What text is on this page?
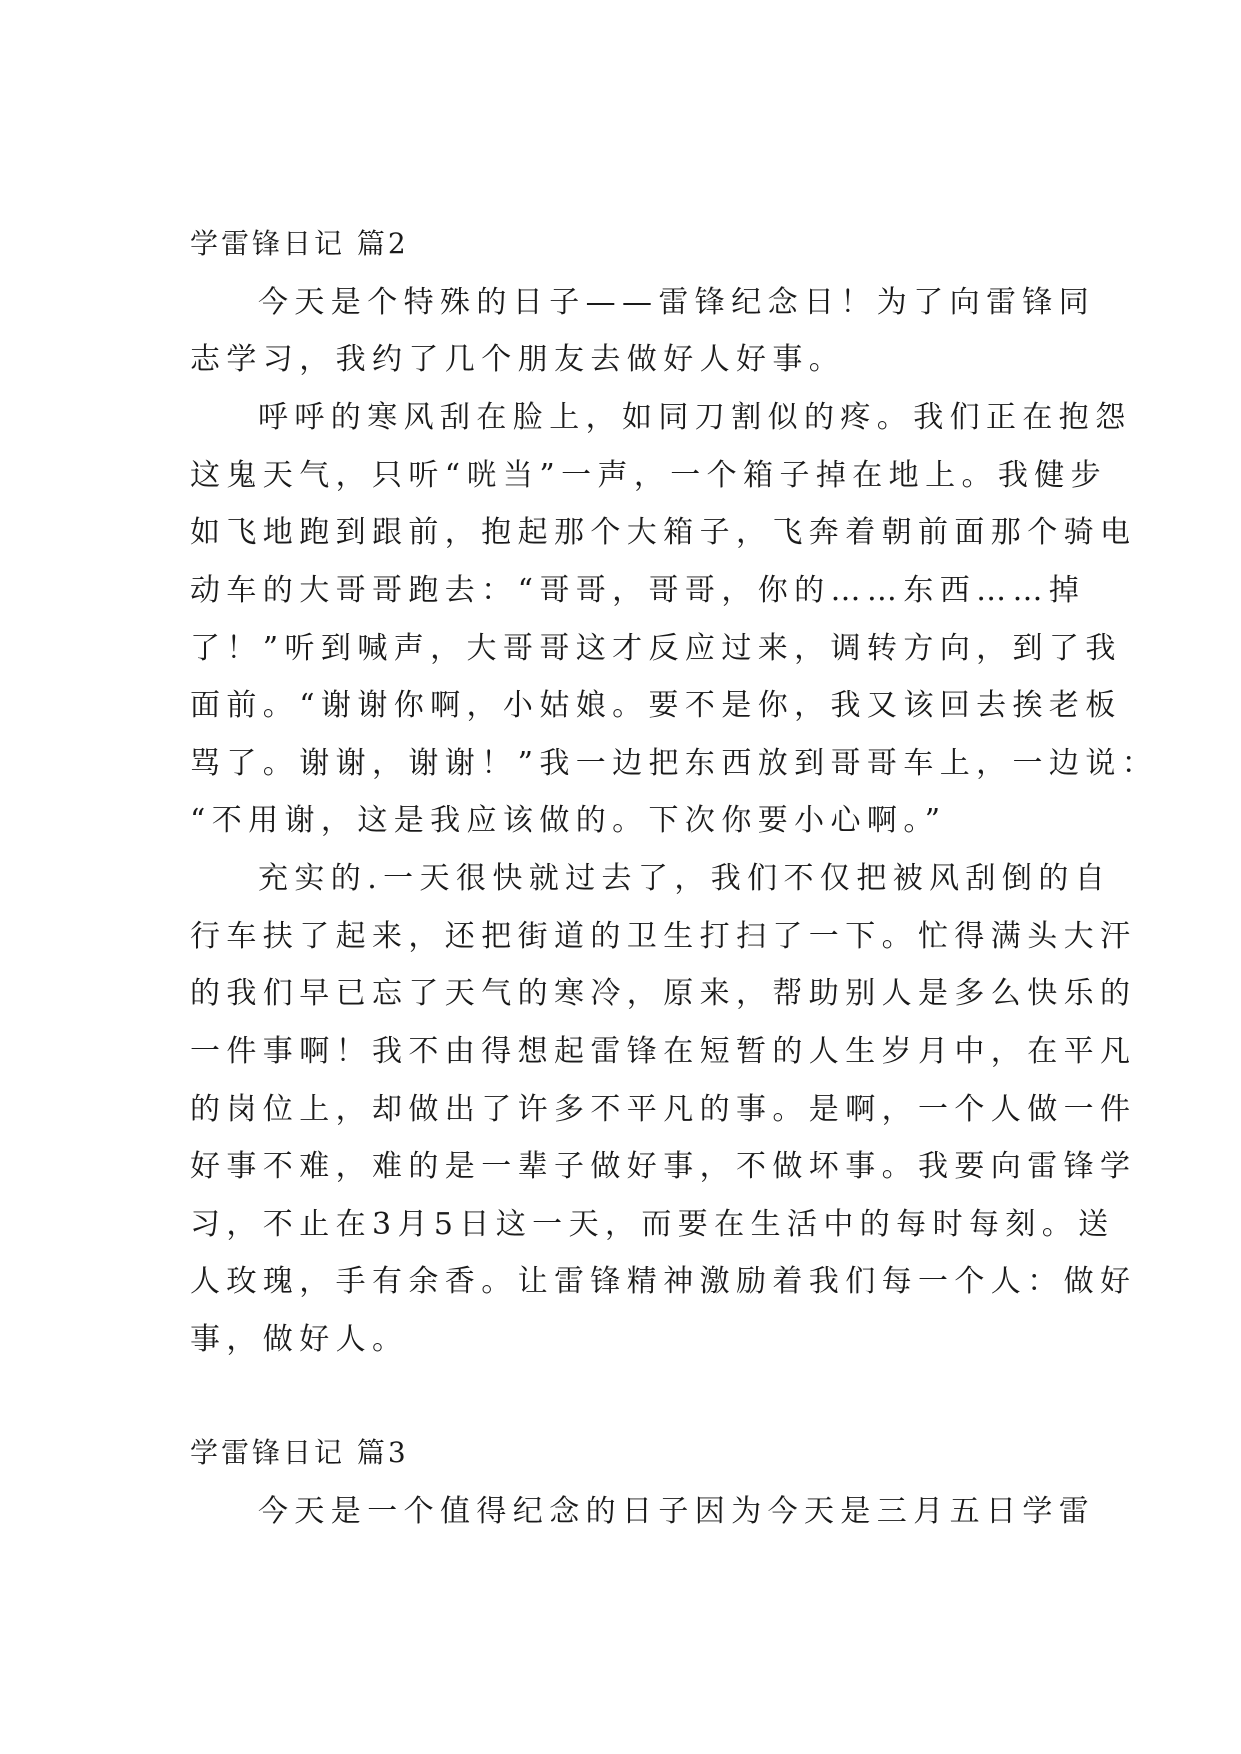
学雷锋日记 篇2
今天是个特殊的日子——雷锋纪念日！为了向雷锋同
志学习，我约了几个朋友去做好人好事。
呼呼的寒风刮在脸上，如同刀割似的疼。我们正在抱怨
这鬼天气，只听“咣当”一声，一个箱子掉在地上。我健步
如飞地跑到跟前，抱起那个大箱子，飞奔着朝前面那个骑电
动车的大哥哥跑去：“哥哥，哥哥，你的……东西……掉
了！”听到喊声，大哥哥这才反应过来，调转方向，到了我
面前。“谢谢你啊，小姑娘。要不是你，我又该回去挨老板
骂了。谢谢，谢谢！”我一边把东西放到哥哥车上，一边说：
“不用谢，这是我应该做的。下次你要小心啊。”
充实的.一天很快就过去了，我们不仅把被风刮倒的自
行车扶了起来，还把街道的卫生打扫了一下。忙得满头大汗
的我们早已忘了天气的寒冷，原来，帮助别人是多么快乐的
一件事啊！我不由得想起雷锋在短暂的人生岁月中，在平凡
的岗位上，却做出了许多不平凡的事。是啊，一个人做一件
好事不难，难的是一辈子做好事，不做坏事。我要向雷锋学
习，不止在3月5日这一天，而要在生活中的每时每刻。送
人玫瑰，手有余香。让雷锋精神激励着我们每一个人：做好
事，做好人。
学雷锋日记 篇3
今天是一个值得纪念的日子因为今天是三月五日学雷
